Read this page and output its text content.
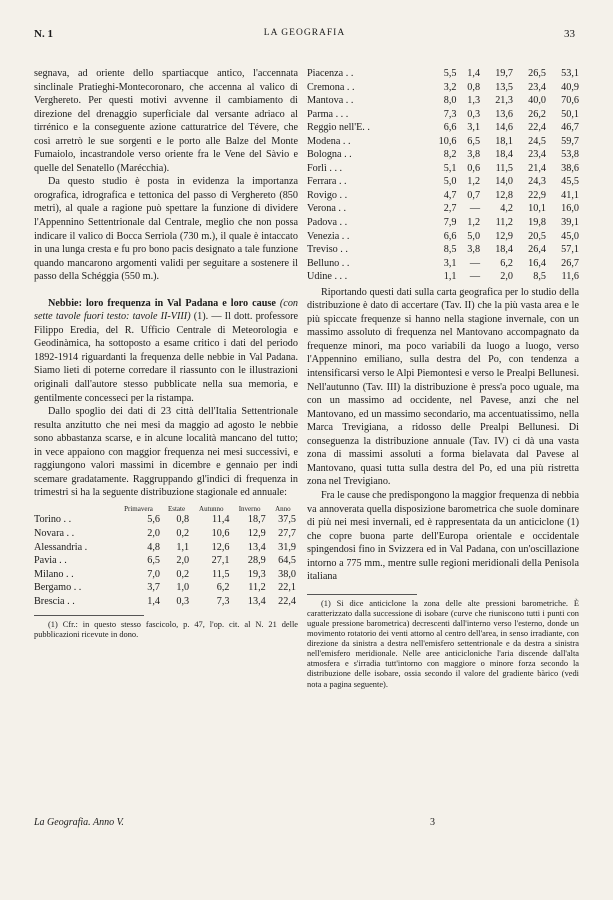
N. 1	LA GEOGRAFIA	33

segnava, ad oriente dello spartiacque antico, l'accennata sinclinale Pratieghi-Montecoronaro, che accenna al valico di Verghereto. Per questi motivi avvenne il cambiamento di direzione del drenaggio superficiale dal versante adriaco al tirrénico e la conseguente azione catturatrice del Tévere, che così arretrò le sue sorgenti e le porto alle Balze del Monte Fumaiolo, incastrandole verso oriente fra le Vene del Sàvio e quelle del Senatello (Marécchia).

Da questo studio è posta in evidenza la importanza orografica, idrografica e tettonica del passo di Verghereto (850 metri), al quale a ragione può spettare la funzione di dividere l'Appennino Settentrionale dal Centrale, meglio che non possa indicare il valico di Bocca Serriola (730 m.), il quale è intaccato in una lunga cresta e fu pro bono pacis designato a tale funzione quando mancarono argomenti validi per seguitare a sostenere il passo della Schéggia (550 m.).

Nebbie: loro frequenza in Val Padana e loro cause (con sette tavole fuori testo: tavole II-VIII) (1). — Il dott. professore Filippo Eredia, del R. Ufficio Centrale di Meteorologia e Geodinàmica, ha sottoposto a esame critico i dati del periodo 1892-1914 riguardanti la frequenza delle nebbie in Val Padana. Siamo lieti di poterne corredare il riassunto con le illustrazioni originali dall'autore stesso pubblicate nella sua memoria, e gentilmente concesseci per la ristampa.

Dallo spoglio dei dati di 23 città dell'Italia Settentrionale resulta anzitutto che nei mesi da maggio ad agosto le nebbie sono abbastanza scarse, e in alcune località mancano del tutto; in vece appaiono con maggior frequenza nei mesi successivi, e raggiungono valori massimi in dicembre e gennaio per indi scemare gradatamente. Raggruppando gl'indici di frequenza in trimestri si ha la seguente distribuzione stagionale ed annuale:

	Primavera	Estate	Autunno	Inverno	Anno
Torino . .	5,6	0,8	11,4	18,7	37,5
Novara . .	2,0	0,2	10,6	12,9	27,7
Alessandria .	4,8	1,1	12,6	13,4	31,9
Pavia . .	6,5	2,0	27,1	28,9	64,5
Milano . .	7,0	0,2	11,5	19,3	38,0
Bergamo . .	3,7	1,0	6,2	11,2	22,1
Brescia . .	1,4	0,3	7,3	13,4	22,4

(1) Cfr.: in questo stesso fascicolo, p. 47, l'op. cit. al N. 21 delle pubblicazioni ricevute in dono.

Piacenza . .	5,5	1,4	19,7	26,5	53,1
Cremona . .	3,2	0,8	13,5	23,4	40,9
Mantova . .	8,0	1,3	21,3	40,0	70,6
Parma . . .	7,3	0,3	13,6	26,2	50,1
Reggio nell'E. .	6,6	3,1	14,6	22,4	46,7
Modena . .	10,6	6,5	18,1	24,5	59,7
Bologna . .	8,2	3,8	18,4	23,4	53,8
Forlì . . .	5,1	0,6	11,5	21,4	38,6
Ferrara . .	5,0	1,2	14,0	24,3	45,5
Rovigo . .	4,7	0,7	12,8	22,9	41,1
Verona . .	2,7	—	4,2	10,1	16,0
Padova . .	7,9	1,2	11,2	19,8	39,1
Venezia . .	6,6	5,0	12,9	20,5	45,0
Treviso . .	8,5	3,8	18,4	26,4	57,1
Belluno . .	3,1	—	6,2	16,4	26,7
Udine . . .	1,1	—	2,0	8,5	11,6

Riportando questi dati sulla carta geografica per lo studio della distribuzione è dato di accertare (Tav. II) che la più vasta area e le più spiccate frequenze si hanno nella stagione invernale, con un massimo assoluto di frequenza nel Mantovano accompagnato da frequenze minori, ma poco variabili da luogo a luogo, verso l'Appennino emiliano, sulla destra del Po, con tendenza a intensificarsi verso le Alpi Piemontesi e verso le Prealpi Bellunesi. Nell'autunno (Tav. III) la distribuzione è press'a poco uguale, ma con un massimo ad occidente, nel Pavese, anzi che nel Mantovano, ed un massimo secondario, ma accentuatissimo, nella Marca Trevigiana, a ridosso delle Prealpi Bellunesi. Di conseguenza la distribuzione annuale (Tav. IV) ci dà una vasta zona di massimi assoluti a forma bielavata dal Pavese al Mantovano, quasi tutta sulla destra del Po, ed una più ristretta zona nel Trevigiano.

Fra le cause che predispongono la maggior frequenza di nebbia va annoverata quella disposizione barometrica che suole dominare di più nei mesi invernali, ed è rappresentata da un anticiclone (1) che copre buona parte dell'Europa orientale e occidentale spingendosi fino in Svizzera ed in Val Padana, con un'oscillazione intorno a 775 mm., mentre sulle regioni meridionali della Penisola italiana

(1) Si dice anticiclone la zona delle alte pressioni barometriche. È caratterizzato dalla successione di isobare (curve che riuniscono tutti i punti con uguale pressione barometrica) decrescenti dall'interno verso l'esterno, donde un movimento rotatorio dei venti attorno al centro dell'area, in senso irradiante, con direzione da sinistra a destra nell'emisfero settentrionale e da destra a sinistra nell'emisfero meridionale. Nelle aree anticicloniche l'aria discende dall'alta atmosfera e s'irradia tutt'intorno con maggiore o minore forza secondo la distribuzione delle isobare, ossia secondo il valore del gradiente bàrico (vedi nota a pagina seguente).

La Geografia. Anno V.	3
